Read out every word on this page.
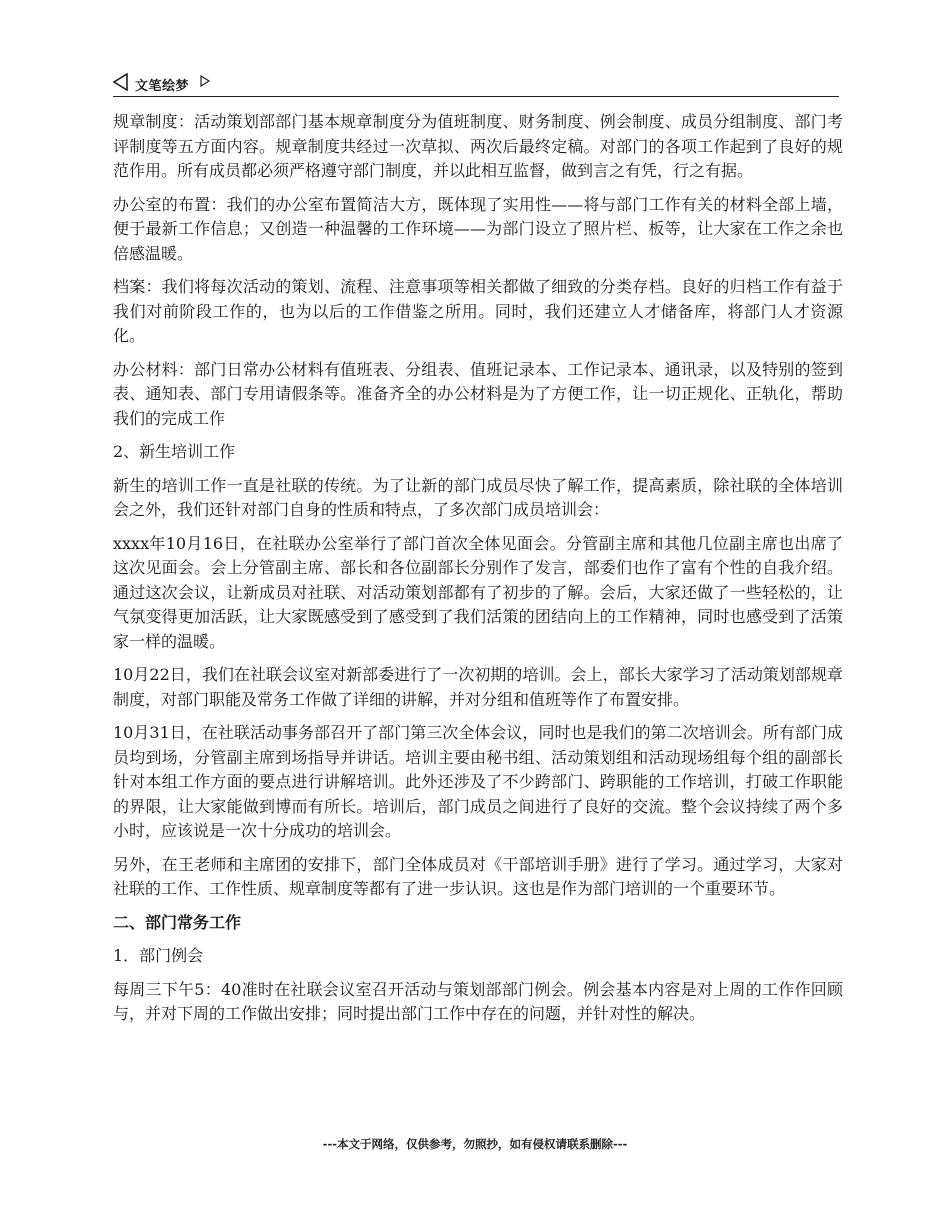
文笔绘梦

规章制度：活动策划部部门基本规章制度分为值班制度、财务制度、例会制度、成员分组制度、部门考评制度等五方面内容。规章制度共经过一次草拟、两次后最终定稿。对部门的各项工作起到了良好的规范作用。所有成员都必须严格遵守部门制度，并以此相互监督，做到言之有凭，行之有据。

办公室的布置：我们的办公室布置简洁大方，既体现了实用性——将与部门工作有关的材料全部上墙，便于最新工作信息；又创造一种温馨的工作环境——为部门设立了照片栏、板等，让大家在工作之余也倍感温暖。

档案：我们将每次活动的策划、流程、注意事项等相关都做了细致的分类存档。良好的归档工作有益于我们对前阶段工作的，也为以后的工作借鉴之所用。同时，我们还建立人才储备库，将部门人才资源化。

办公材料：部门日常办公材料有值班表、分组表、值班记录本、工作记录本、通讯录，以及特别的签到表、通知表、部门专用请假条等。准备齐全的办公材料是为了方便工作，让一切正规化、正轨化，帮助我们的完成工作

2、新生培训工作

新生的培训工作一直是社联的传统。为了让新的部门成员尽快了解工作，提高素质，除社联的全体培训会之外，我们还针对部门自身的性质和特点，了多次部门成员培训会：

xxxx年10月16日，在社联办公室举行了部门首次全体见面会。分管副主席和其他几位副主席也出席了这次见面会。会上分管副主席、部长和各位副部长分别作了发言，部委们也作了富有个性的自我介绍。通过这次会议，让新成员对社联、对活动策划部都有了初步的了解。会后，大家还做了一些轻松的，让气氛变得更加活跃，让大家既感受到了感受到了我们活策的团结向上的工作精神，同时也感受到了活策家一样的温暖。

10月22日，我们在社联会议室对新部委进行了一次初期的培训。会上，部长大家学习了活动策划部规章制度，对部门职能及常务工作做了详细的讲解，并对分组和值班等作了布置安排。

10月31日，在社联活动事务部召开了部门第三次全体会议，同时也是我们的第二次培训会。所有部门成员均到场，分管副主席到场指导并讲话。培训主要由秘书组、活动策划组和活动现场组每个组的副部长针对本组工作方面的要点进行讲解培训。此外还涉及了不少跨部门、跨职能的工作培训，打破工作职能的界限，让大家能做到博而有所长。培训后，部门成员之间进行了良好的交流。整个会议持续了两个多小时，应该说是一次十分成功的培训会。

另外，在王老师和主席团的安排下，部门全体成员对《干部培训手册》进行了学习。通过学习，大家对社联的工作、工作性质、规章制度等都有了进一步认识。这也是作为部门培训的一个重要环节。

二、部门常务工作

1．部门例会

每周三下午5：40准时在社联会议室召开活动与策划部部门例会。例会基本内容是对上周的工作作回顾与，并对下周的工作做出安排；同时提出部门工作中存在的问题，并针对性的解决。

---本文于网络，仅供参考，勿照抄，如有侵权请联系删除---
